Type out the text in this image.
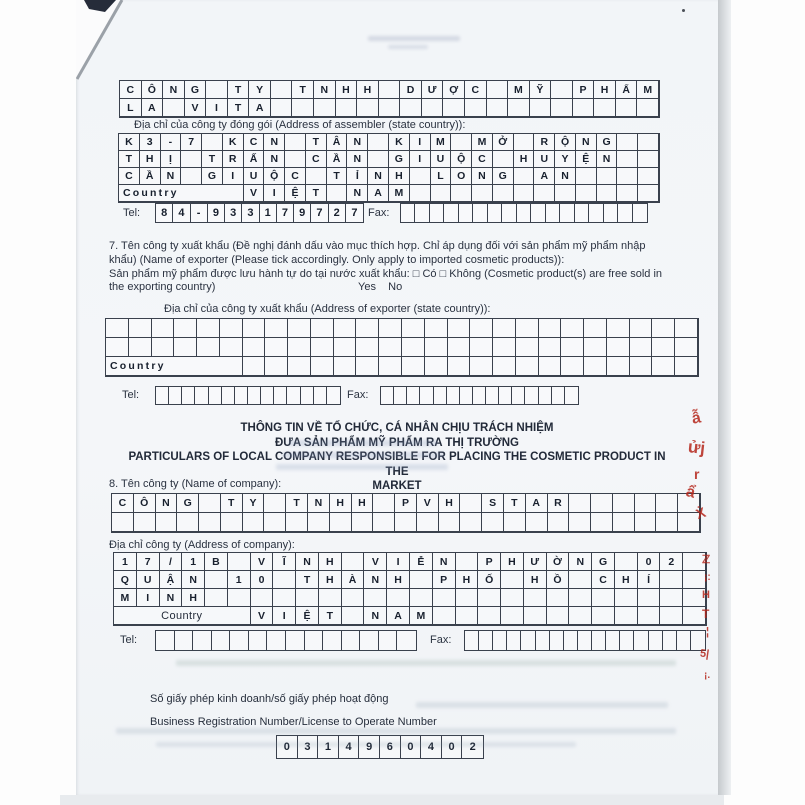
C	Ô	N	G	T	Y	T	N	H	H	D	Ư	Ợ	C	M	Ỹ	P	H	Ẩ	M
L	A	V	I	T	A
Địa chỉ của công ty đóng gói (Address of assembler (state country)):
K	3	-	7	K	C	N	T	Â	N	K	I	M	M	Ở	R	Ộ	N	G
T	H	Ị	T	R	Ấ	N	C	Ầ	N	G	I	U	Ộ	C	H	U	Y	Ệ	N
C	Ầ	N	G	I	U	Ộ	C	T	Ỉ	N	H	L	O	N	G	A	N
Country	V	I	Ệ	T	N	A	M
Tel:	8	4	-	9	3	3	1	7	9	7	2	7 Fax:
7. Tên công ty xuất khẩu (Đề nghị đánh dấu vào mục thích hợp. Chỉ áp dụng đối với sản phẩm mỹ phẩm nhập
khẩu) (Name of exporter (Please tick accordingly. Only apply to imported cosmetic products)):
Sản phẩm mỹ phẩm được lưu hành tự do tại nước xuất khẩu: □ Có □ Không (Cosmetic product(s) are free sold in
the exporting country)	Yes    No
Địa chỉ của công ty xuất khẩu (Address of exporter (state country)):
Country
Tel:	Fax:
THÔNG TIN VỀ TỔ CHỨC, CÁ NHÂN CHỊU TRÁCH NHIỆM
ĐƯA SẢN PHẨM MỸ PHẨM RA THỊ TRƯỜNG
PARTICULARS OF LOCAL COMPANY RESPONSIBLE FOR PLACING THE COSMETIC PRODUCT IN THE
MARKET
8. Tên công ty (Name of company):
C	Ô	N	G	T	Y	T	N	H	H	P	V	H	S	T	A	R
Địa chỉ công ty (Address of company):
1	7	/	1	B	V	Ĩ	N	H	V	I	Ễ	N	P	H	Ư	Ờ	N	G	0	2
Q	U	Ậ	N	1	0	T	H	À	N	H	P	H	Ố	H	Ồ	C	H	Í
M	I	N	H
Country	V	I	Ệ	T	N	A	M
Tel:	Fax:
Số giấy phép kinh doanh/số giấy phép hoạt động
Business Registration Number/License to Operate Number
0	3	1	4	9	6	0	4	0	2
ẫ
ửj
r
ẩ
Ẋ
ℤ
¡:
H
T
¦
5|
¡.
